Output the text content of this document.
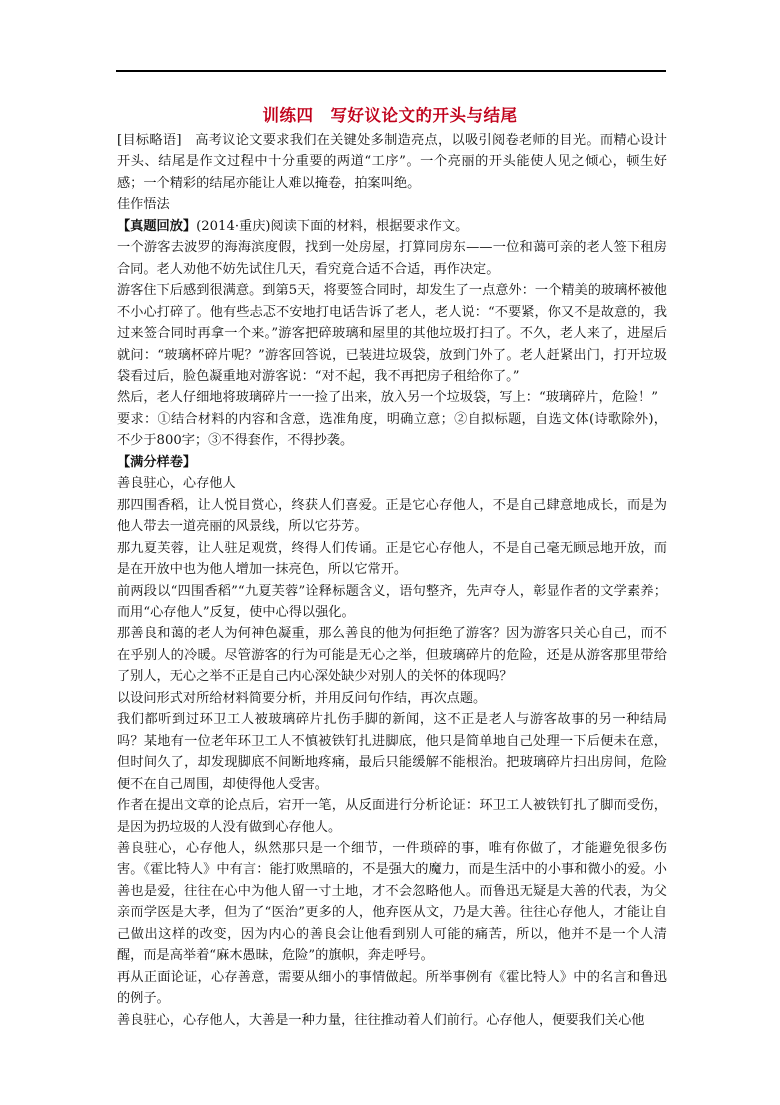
训练四　写好议论文的开头与结尾

[目标略语]　高考议论文要求我们在关键处多制造亮点，以吸引阅卷老师的目光。而精心设计开头、结尾是作文过程中十分重要的两道“工序”。一个亮丽的开头能使人见之倾心，顿生好感；一个精彩的结尾亦能让人难以掩卷，拍案叫绝。

佳作悟法

【真题回放】(2014·重庆)阅读下面的材料，根据要求作文。

一个游客去波罗的海海滨度假，找到一处房屋，打算同房东——一位和蔼可亲的老人签下租房合同。老人劝他不妨先试住几天，看究竟合适不合适，再作决定。

游客住下后感到很满意。到第5天，将要签合同时，却发生了一点意外：一个精美的玻璃杯被他不小心打碎了。他有些忐忑不安地打电话告诉了老人，老人说：“不要紧，你又不是故意的，我过来签合同时再拿一个来。”游客把碎玻璃和屋里的其他垃圾打扫了。不久，老人来了，进屋后就问：“玻璃杯碎片呢？”游客回答说，已装进垃圾袋，放到门外了。老人赶紧出门，打开垃圾袋看过后，脸色凝重地对游客说：“对不起，我不再把房子租给你了。”

然后，老人仔细地将玻璃碎片一一捡了出来，放入另一个垃圾袋，写上：“玻璃碎片，危险！”

要求：①结合材料的内容和含意，选准角度，明确立意；②自拟标题，自选文体(诗歌除外)，不少于800字；③不得套作，不得抄袭。

【满分样卷】

善良驻心，心存他人

那四围香稻，让人悦目赏心，终获人们喜爱。正是它心存他人，不是自己肆意地成长，而是为他人带去一道亮丽的风景线，所以它芬芳。

那九夏芙蓉，让人驻足观赏，终得人们传诵。正是它心存他人，不是自己毫无顾忌地开放，而是在开放中也为他人增加一抹亮色，所以它常开。

前两段以“四围香稻”“九夏芙蓉”诠释标题含义，语句整齐，先声夺人，彰显作者的文学素养；而用“心存他人”反复，使中心得以强化。

那善良和蔼的老人为何神色凝重，那么善良的他为何拒绝了游客？因为游客只关心自己，而不在乎别人的冷暖。尽管游客的行为可能是无心之举，但玻璃碎片的危险，还是从游客那里带给了别人，无心之举不正是自己内心深处缺少对别人的关怀的体现吗？

以设问形式对所给材料简要分析，并用反问句作结，再次点题。

我们都听到过环卫工人被玻璃碎片扎伤手脚的新闻，这不正是老人与游客故事的另一种结局吗？某地有一位老年环卫工人不慎被铁钉扎进脚底，他只是简单地自己处理一下后便未在意，但时间久了，却发现脚底不间断地疼痛，最后只能缓解不能根治。把玻璃碎片扫出房间，危险便不在自己周围，却使得他人受害。

作者在提出文章的论点后，宕开一笔，从反面进行分析论证：环卫工人被铁钉扎了脚而受伤，是因为扔垃圾的人没有做到心存他人。

善良驻心，心存他人，纵然那只是一个细节，一件琐碎的事，唯有你做了，才能避免很多伤害。《霍比特人》中有言：能打败黑暗的，不是强大的魔力，而是生活中的小事和微小的爱。小善也是爱，往往在心中为他人留一寸土地，才不会忽略他人。而鲁迅无疑是大善的代表，为父亲而学医是大孝，但为了“医治”更多的人，他弃医从文，乃是大善。往往心存他人，才能让自己做出这样的改变，因为内心的善良会让他看到别人可能的痛苦，所以，他并不是一个人清醒，而是高举着“麻木愚昧，危险”的旗帜，奔走呼号。

再从正面论证，心存善意，需要从细小的事情做起。所举事例有《霍比特人》中的名言和鲁迅的例子。

善良驻心，心存他人，大善是一种力量，往往推动着人们前行。心存他人，便要我们关心他
